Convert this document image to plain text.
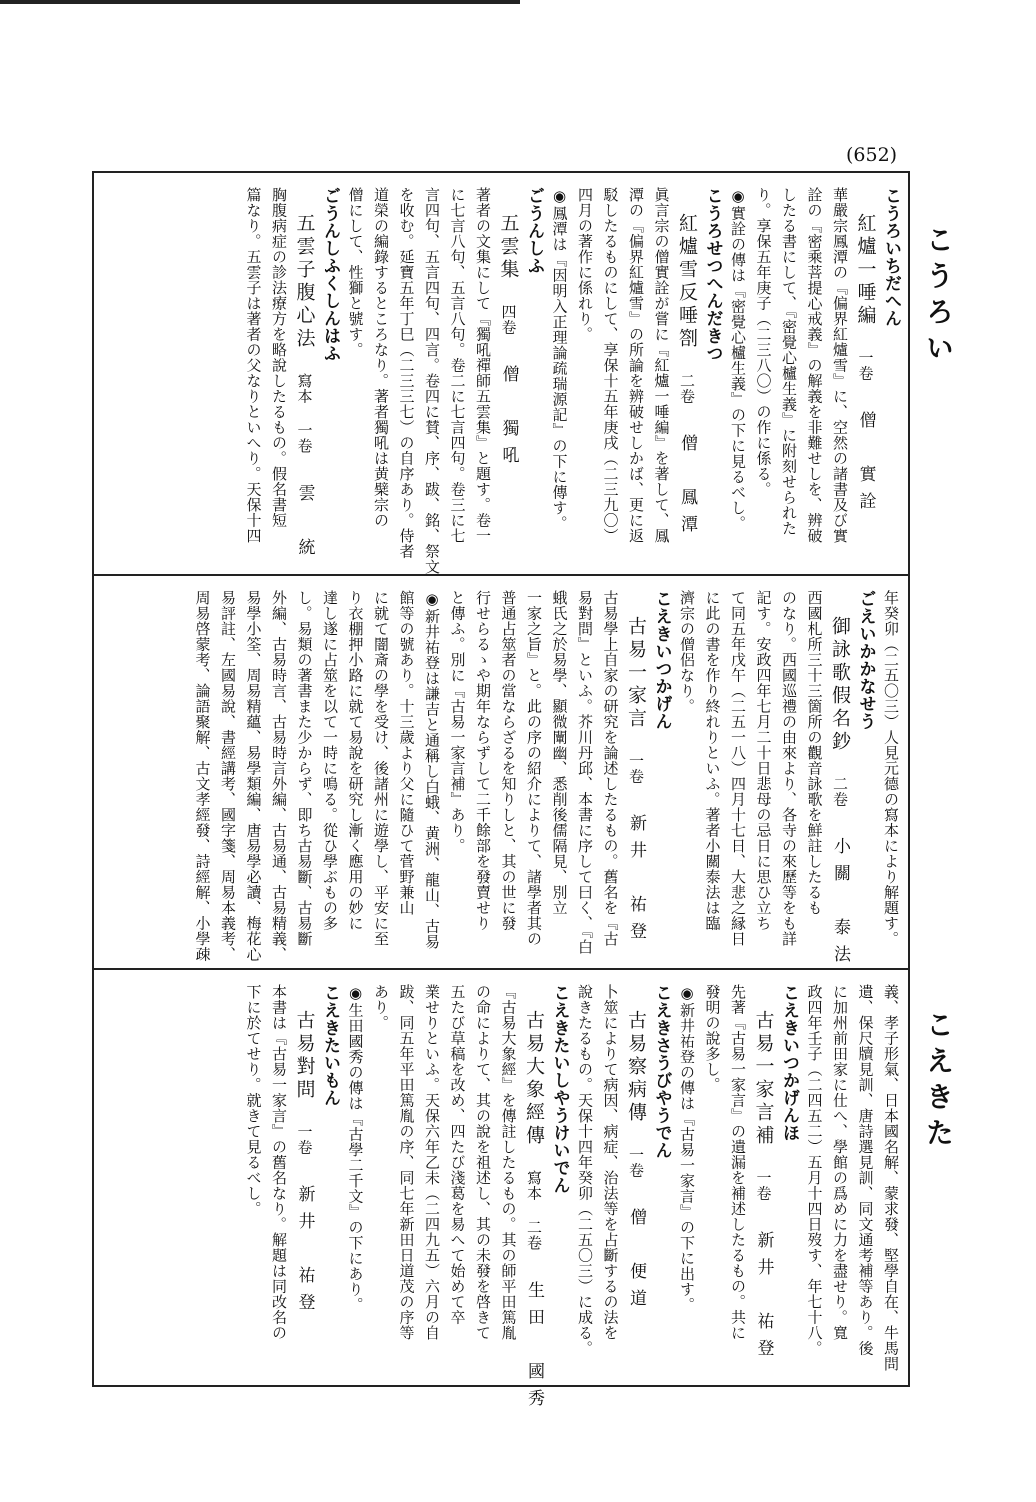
(652)
こうろい
こえきた
こうろいちだへん
紅爐一唾編一卷僧　實詮
華嚴宗鳳潭の『偏界紅爐雪』に、空然の諸書及び實
詮の『密乘菩提心戒義』の解義を非難せしを、辨破
したる書にして、『密覺心櫨生義』に附刻せられた
り。享保五年庚子（二三八〇）の作に係る。
◉實詮の傳は『密覺心櫨生義』の下に見るべし。
こうろせつへんだきつ
紅爐雪反唾劄二卷僧　鳳潭
眞言宗の僧實詮が嘗に『紅爐一唾編』を著して、鳳
潭の『偏界紅爐雪』の所論を辨破せしかば、更に返
駁したるものにして、享保十五年庚戌（二三九〇）
四月の著作に係れり。
◉鳳潭は『因明入正理論疏瑞源記』の下に傳す。
ごうんしふ
五雲集四卷僧　獨吼
著者の文集にして『獨吼禪師五雲集』と題す。卷一
に七言八句、五言八句。卷二に七言四句。卷三に七
言四句、五言四句、四言。卷四に賛、序、跋、銘、祭文
を收む。延寶五年丁巳（二三三七）の自序あり。侍者
道榮の編錄するところなり。著者獨吼は黄檗宗の
僧にして、性獅と號す。
ごうんしふくしんはふ
五雲子腹心法寫本 一卷雲　統
胸腹病症の診法療方を略說したるもの。假名書短
篇なり。五雲子は著者の父なりといへり。天保十四
年癸卯（二五〇三）人見元德の寫本により解題す。
ごえいかかなせう
御詠歌假名鈔二卷小關　泰法
西國札所三十三箇所の觀音詠歌を鮮註したるも
のなり。西國巡禮の由來より、各寺の來歷等をも詳
記す。安政四年七月二十日悲母の忌日に思ひ立ち
て同五年戊午（二五一八）四月十七日、大悲之縁日
に此の書を作り終れりといふ。著者小關泰法は臨
濟宗の僧侶なり。
こえきいつかげん
古易一家言一卷新井　祐登
古易學上自家の研究を論述したるもの。舊名を『古
易對問』といふ。芥川丹邱、本書に序して曰く、『白
蛾氏之於易學、顯微闡幽、悉削後儒隔見、別立
一家之旨』と。此の序の紹介によりて、諸學者其の
普通占筮者の當ならざるを知りしと、其の世に發
行せらるゝや期年ならずして二千餘部を發賣せり
と傳ふ。別に『古易一家言補』あり。
◉新井祐登は謙吉と通稱し白蛾、黄洲、龍山、古易
館等の號あり。十三歲より父に隨ひて菅野兼山
に就て闇斎の學を受け、後諸州に遊學し、平安に至
り衣棚押小路に就て易說を研究し漸く應用の妙に
達し遂に占筮を以て一時に鳴る。從ひ學ぶもの多
し。易類の著書また少からず、即ち古易斷、古易斷
外編、古易時言、古易時言外編、古易通、古易精義、
易學小筌、周易精蘊、易學類編、唐易學必讀、梅花心
易評註、左國易說、書經講考、國字箋、周易本義考、
周易啓蒙考、論語聚解、古文孝經發、詩經解、小學疎
義、孝子形氣、日本國名解、蒙求發、堅學自在、牛馬問
遺、保尺牘見訓、唐詩選見訓、同文通考補等あり。後
に加州前田家に仕へ、學館の爲めに力を盡せり。寬
政四年壬子（二四五二）五月十四日歿す、年七十八。
こえきいつかげんほ
古易一家言補一卷新井　祐登
先著『古易一家言』の遺漏を補述したるもの。共に
發明の說多し。
◉新井祐登の傳は『古易一家言』の下に出す。
こえきさうびやうでん
古易察病傳一卷僧　便道
卜筮によりて病因、病症、治法等を占斷するの法を
說きたるもの。天保十四年癸卯（二五〇三）に成る。
こえきたいしやうけいでん
古易大象經傳寫本 二卷生田　國秀
『古易大象經』を傳註したるもの。其の師平田篤胤
の命によりて、其の說を祖述し、其の未發を啓きて
五たび草稿を改め、四たび淺葛を易へて始めて卒
業せりといふ。天保六年乙未（二四九五）六月の自
跋、同五年平田篤胤の序、同七年新田日道茂の序等
あり。
◉生田國秀の傳は『古學二千文』の下にあり。
こえきたいもん
古易對問一卷新井　祐登
本書は『古易一家言』の舊名なり。解題は同改名の
下に於てせり。就きて見るべし。
